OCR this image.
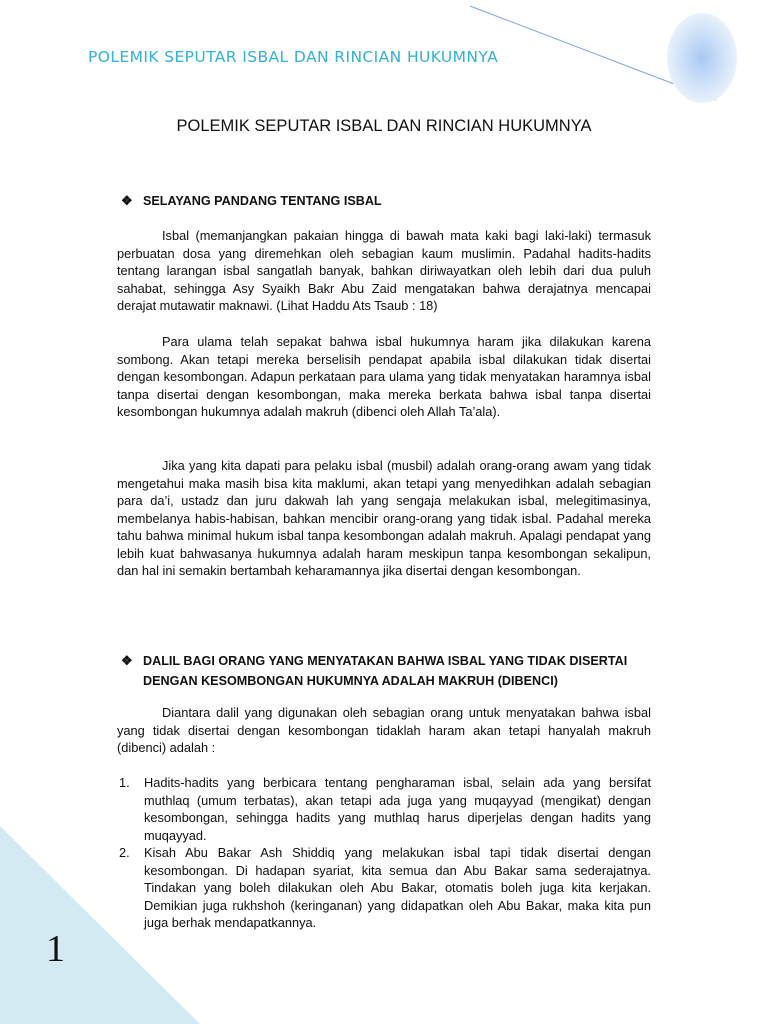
POLEMIK SEPUTAR ISBAL DAN RINCIAN HUKUMNYA
POLEMIK SEPUTAR ISBAL DAN RINCIAN HUKUMNYA
❖ SELAYANG PANDANG TENTANG ISBAL

Isbal (memanjangkan pakaian hingga di bawah mata kaki bagi laki-laki) termasuk perbuatan dosa yang diremehkan oleh sebagian kaum muslimin. Padahal hadits-hadits tentang larangan isbal sangatlah banyak, bahkan diriwayatkan oleh lebih dari dua puluh sahabat, sehingga Asy Syaikh Bakr Abu Zaid mengatakan bahwa derajatnya mencapai derajat mutawatir maknawi. (Lihat Haddu Ats Tsaub : 18)

Para ulama telah sepakat bahwa isbal hukumnya haram jika dilakukan karena sombong. Akan tetapi mereka berselisih pendapat apabila isbal dilakukan tidak disertai dengan kesombongan. Adapun perkataan para ulama yang tidak menyatakan haramnya isbal tanpa disertai dengan kesombongan, maka mereka berkata bahwa isbal tanpa disertai kesombongan hukumnya adalah makruh (dibenci oleh Allah Ta’ala).

Jika yang kita dapati para pelaku isbal (musbil) adalah orang-orang awam yang tidak mengetahui maka masih bisa kita maklumi, akan tetapi yang menyedihkan adalah sebagian para da’i, ustadz dan juru dakwah lah yang sengaja melakukan isbal, melegitimasinya, membelanya habis-habisan, bahkan mencibir orang-orang yang tidak isbal. Padahal mereka tahu bahwa minimal hukum isbal tanpa kesombongan adalah makruh. Apalagi pendapat yang lebih kuat bahwasanya hukumnya adalah haram meskipun tanpa kesombongan sekalipun, dan hal ini semakin bertambah keharamannya jika disertai dengan kesombongan.

❖ DALIL BAGI ORANG YANG MENYATAKAN BAHWA ISBAL YANG TIDAK DISERTAI DENGAN KESOMBONGAN HUKUMNYA ADALAH MAKRUH (DIBENCI)

Diantara dalil yang digunakan oleh sebagian orang untuk menyatakan bahwa isbal yang tidak disertai dengan kesombongan tidaklah haram akan tetapi hanyalah makruh (dibenci) adalah :

1. Hadits-hadits yang berbicara tentang pengharaman isbal, selain ada yang bersifat muthlaq (umum terbatas), akan tetapi ada juga yang muqayyad (mengikat) dengan kesombongan, sehingga hadits yang muthlaq harus diperjelas dengan hadits yang muqayyad.
2. Kisah Abu Bakar Ash Shiddiq yang melakukan isbal tapi tidak disertai dengan kesombongan. Di hadapan syariat, kita semua dan Abu Bakar sama sederajatnya. Tindakan yang boleh dilakukan oleh Abu Bakar, otomatis boleh juga kita kerjakan. Demikian juga rukhshoh (keringanan) yang didapatkan oleh Abu Bakar, maka kita pun juga berhak mendapatkannya.
1
